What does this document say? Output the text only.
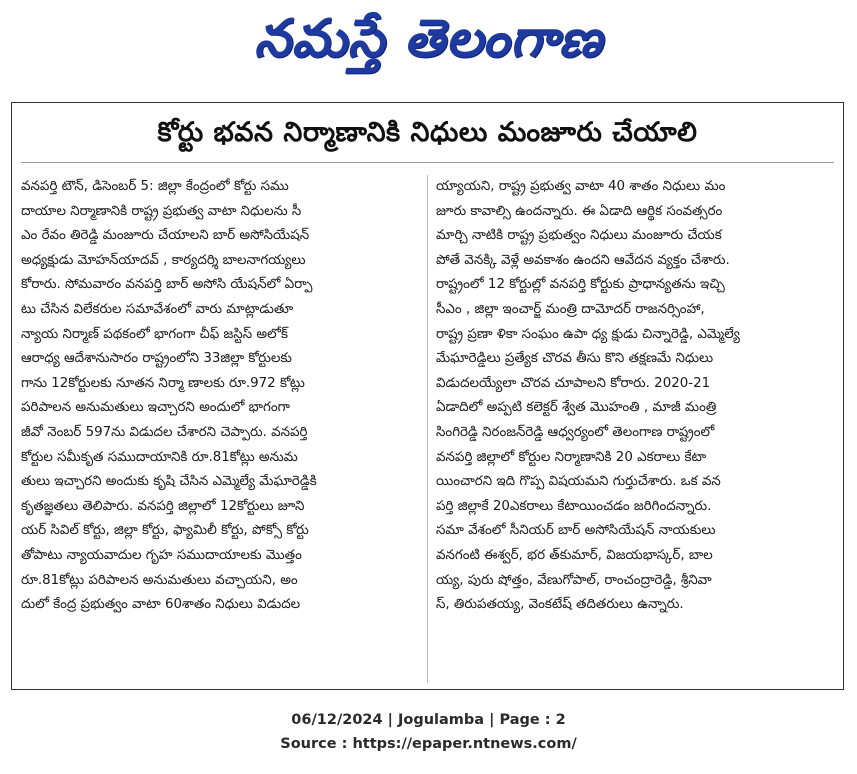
నమస్తే తెలంగాణ
కోర్టు భవన నిర్మాణానికి నిధులు మంజూరు చేయాలి
వనపర్తి టౌన్, డిసెంబర్ 5: జిల్లా కేంద్రంలో కోర్టు సము
దాయాల నిర్మాణానికి రాష్ట్ర ప్రభుత్వ వాటా నిధులను సీ
ఎం రేవం తిరెడ్డి మంజూరు చేయాలని బార్ అసోసియేషన్
అధ్యక్షుడు మోహన్‌యాదవ్ , కార్యదర్శి బాలనాగయ్యలు
కోరారు. సోమవారం వనపర్తి బార్ అసోసి యేషన్‌లో ఏర్పా
టు చేసిన విలేకరుల సమావేశంలో వారు మాట్లాడుతూ
న్యాయ నిర్మాణ్ పథకంలో భాగంగా చీఫ్ జస్టిస్ అలోక్
ఆరాధ్య ఆదేశానుసారం రాష్ట్రంలోని 33జిల్లా కోర్టులకు
గాను 12కోర్టులకు నూతన నిర్మా ణాలకు రూ.972 కోట్లు
పరిపాలన అనుమతులు ఇచ్చారని అందులో భాగంగా
జీవో నెంబర్ 597ను విడుదల చేశారని చెప్పారు. వనపర్తి
కోర్టుల సమీకృత సముదాయానికి రూ.81కోట్లు అనుమ
తులు ఇచ్చారని అందుకు కృషి చేసిన ఎమ్మెల్యే మేఘారెడ్డికి
కృతజ్ఞతలు తెలిపారు. వనపర్తి జిల్లాలో 12కోర్టులు జూని
యర్ సివిల్ కోర్టు, జిల్లా కోర్టు, ఫ్యామిలీ కోర్టు, పోక్సో కోర్టు
తోపాటు న్యాయవాదుల గృహ సముదాయాలకు మొత్తం
రూ.81కోట్లు పరిపాలన అనుమతులు వచ్చాయని, అం
దులో కేంద్ర ప్రభుత్వం వాటా 60శాతం నిధులు విడుదల
య్యాయని, రాష్ట్ర ప్రభుత్వ వాటా 40 శాతం నిధులు మం
జూరు కావాల్సి ఉందన్నారు. ఈ ఏడాది ఆర్థిక సంవత్సరం
మార్చి నాటికి రాష్ట్ర ప్రభుత్వం నిధులు మంజూరు చేయక
పోతే వెనక్కి వెళ్లే అవకాశం ఉందని ఆవేదన వ్యక్తం చేశారు.
రాష్ట్రంలో 12 కోర్టుల్లో వనపర్తి కోర్టుకు ప్రాధాన్యతను ఇచ్చి
సీఎం , జిల్లా ఇంచార్జ్ మంత్రి దామోదర్ రాజనర్సింహా,
రాష్ట్ర ప్రణా ళికా సంఘం ఉపా ధ్య క్షుడు చిన్నారెడ్డి, ఎమ్మెల్యే
మేఘారెడ్డిలు ప్రత్యేక చొరవ తీసు కొని తక్షణమే నిధులు
విడుదలయ్యేలా చొరవ చూపాలని కోరారు. 2020-21
ఏడాదిలో అప్పటి కలెక్టర్ శ్వేత మొహంతి , మాజీ మంత్రి
సింగిరెడ్డి నిరంజన్‌రెడ్డి ఆధ్వర్యంలో తెలంగాణ రాష్ట్రంలో
వనపర్తి జిల్లాలో కోర్టుల నిర్మాణానికి 20 ఎకరాలు కేటా
యించారని ఇది గొప్ప విషయమని గుర్తుచేశారు. ఒక వన
పర్తి జిల్లాకే 20ఎకరాలు కేటాయించడం జరిగిందన్నారు.
సమా వేశంలో సీనియర్ బార్ అసోసియేషన్ నాయకులు
వనగంటి ఈశ్వర్, భర త్‌కుమార్, విజయభాస్కర్, బాల
య్య, పురు షోత్తం, వేణుగోపాల్, రాంచంద్రారెడ్డి, శ్రీనివా
స్, తిరుపతయ్య, వెంకటేష్ తదితరులు ఉన్నారు.
06/12/2024 | Jogulamba | Page : 2
Source : https://epaper.ntnews.com/
